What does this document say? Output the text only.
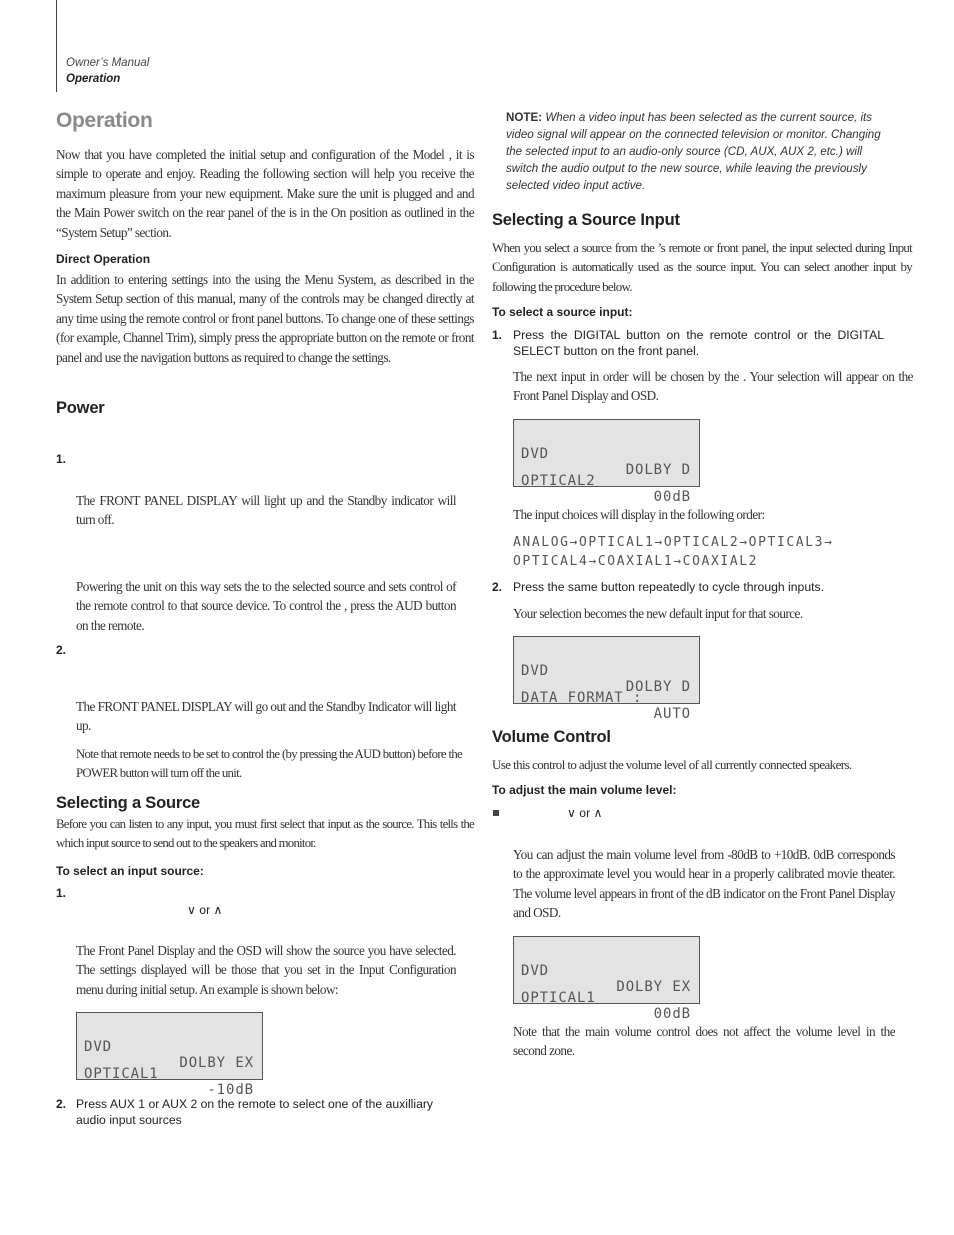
Owner’s Manual
Operation
Operation

Now that you have completed the initial setup and configuration of the Model , it is simple to operate and enjoy. Reading the following section will help you receive the maximum pleasure from your new equipment. Make sure the unit is plugged and and the Main Power switch on the rear panel of the is in the On position as outlined in the “System Setup” section.

Direct Operation

In addition to entering settings into the using the Menu System, as described in the System Setup section of this manual, many of the controls may be changed directly at any time using the remote control or front panel buttons. To change one of these settings (for example, Channel Trim), simply press the appropriate button on the remote or front panel and use the navigation buttons as required to change the settings.

Power
1.

The FRONT PANEL DISPLAY will light up and the Standby indicator will turn off.

Powering the unit on this way sets the to the selected source and sets control of the remote control to that source device. To control the , press the AUD button on the remote.

2.

The FRONT PANEL DISPLAY will go out and the Standby Indicator will light up.

Note that remote needs to be set to control the (by pressing the AUD button) before the POWER button will turn off the unit.

Selecting a Source

Before you can listen to any input, you must first select that input as the source. This tells the which input source to send out to the speakers and monitor.

To select an input source:
1.
∨ or ∧

The Front Panel Display and the OSD will show the source you have selected. The settings displayed will be those that you set in the Input Configuration menu during initial setup. An example is shown below:

DVD

DOLBY EX

OPTICAL1

-10dB

2. Press AUX 1 or AUX 2 on the remote to select one of the auxilliary audio input sources

NOTE: When a video input has been selected as the current source, its video signal will appear on the connected television or monitor. Changing the selected input to an audio-only source (CD, AUX, AUX 2, etc.) will switch the audio output to the new source, while leaving the previously selected video input active.

Selecting a Source Input

When you select a source from the ’s remote or front panel, the input selected during Input Configuration is automatically used as the source input. You can select another input by following the procedure below.

To select a source input:
1. Press the DIGITAL button on the remote control or the DIGITAL SELECT button on the front panel.

The next input in order will be chosen by the . Your selection will appear on the Front Panel Display and OSD.

DVD

DOLBY D

OPTICAL2

00dB

The input choices will display in the following order:

ANALOG→OPTICAL1→OPTICAL2→OPTICAL3→
OPTICAL4→COAXIAL1→COAXIAL2
2. Press the same button repeatedly to cycle through inputs.

Your selection becomes the new default input for that source.

DVD

DOLBY D

DATA FORMAT :

AUTO

Volume Control

Use this control to adjust the volume level of all currently connected speakers.

To adjust the main volume level:
∨ or ∧

You can adjust the main volume level from -80dB to +10dB. 0dB corresponds to the approximate level you would hear in a properly calibrated movie theater. The volume level appears in front of the dB indicator on the Front Panel Display and OSD.

DVD

DOLBY EX

OPTICAL1

00dB

Note that the main volume control does not affect the volume level in the second zone.
